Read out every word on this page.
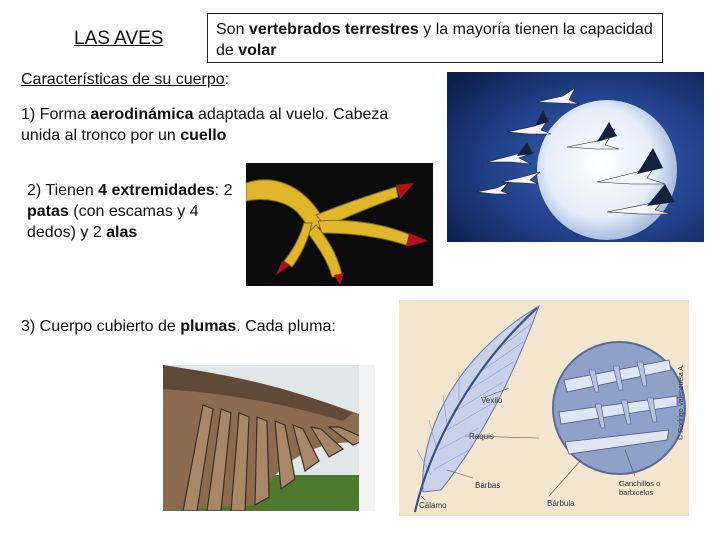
LAS AVES	Son vertebrados terrestres y la mayoría tienen la capacidad de volar
Características de su cuerpo:
1) Forma aerodinámica adaptada al vuelo. Cabeza unida al tronco por un cuello
2) Tienen 4 extremidades: 2 patas (con escamas y 4 dedos) y 2 alas
3) Cuerpo cubierto de plumas. Cada pluma:
Vexilo
Raquis
Barbas
Cálamo	Bárbula
Ganchillos o barbicelos
© Rodrigo Valenzuela A.
